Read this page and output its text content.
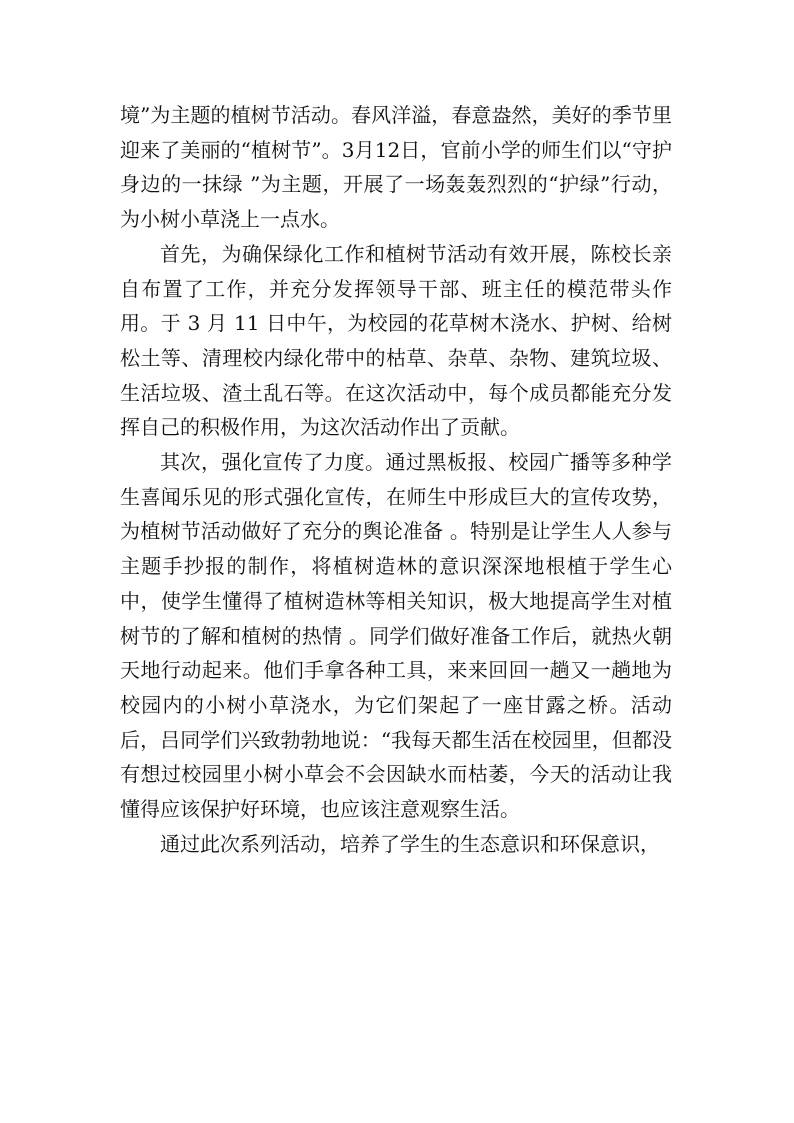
境”为主题的植树节活动。春风洋溢，春意盎然，美好的季节里迎来了美丽的“植树节”。3月12日，官前小学的师生们以“守护身边的一抹绿 ”为主题，开展了一场轰轰烈烈的“护绿”行动，为小树小草浇上一点水。

首先，为确保绿化工作和植树节活动有效开展，陈校长亲自布置了工作，并充分发挥领导干部、班主任的模范带头作用。于 3 月 11 日中午，为校园的花草树木浇水、护树、给树松土等、清理校内绿化带中的枯草、杂草、杂物、建筑垃圾、生活垃圾、渣土乱石等。在这次活动中，每个成员都能充分发挥自己的积极作用，为这次活动作出了贡献。

其次，强化宣传了力度。通过黑板报、校园广播等多种学生喜闻乐见的形式强化宣传，在师生中形成巨大的宣传攻势，为植树节活动做好了充分的舆论准备 。特别是让学生人人参与主题手抄报的制作，将植树造林的意识深深地根植于学生心中，使学生懂得了植树造林等相关知识，极大地提高学生对植树节的了解和植树的热情 。同学们做好准备工作后，就热火朝天地行动起来。他们手拿各种工具，来来回回一趟又一趟地为校园内的小树小草浇水，为它们架起了一座甘露之桥。活动后，吕同学们兴致勃勃地说：“我每天都生活在校园里，但都没有想过校园里小树小草会不会因缺水而枯萎，今天的活动让我懂得应该保护好环境，也应该注意观察生活。

通过此次系列活动，培养了学生的生态意识和环保意识，
